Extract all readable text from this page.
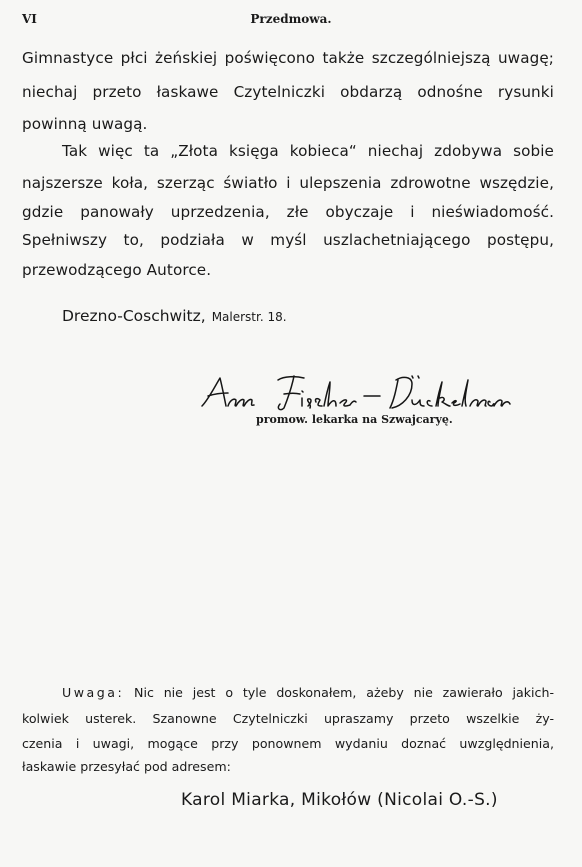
VI	Przedmowa.
Gimnastyce płci żeńskiej poświęcono także szczególniejszą uwagę;
niechaj przeto łaskawe Czytelniczki obdarzą odnośne rysunki
powinną uwagą.
Tak więc ta „Złota księga kobieca“ niechaj zdobywa sobie
najszersze koła, szerząc światło i ulepszenia zdrowotne wszędzie,
gdzie panowały uprzedzenia, złe obyczaje i nieświadomość.
Spełniwszy to, podziała w myśl uszlachetniającego postępu,
przewodzącego Autorce.
Drezno-Coschwitz, Malerstr. 18.
promow. lekarka na Szwajcaryę.
Uwaga: Nic nie jest o tyle doskonałem, ażeby nie zawierało jakich-
kolwiek usterek. Szanowne Czytelniczki upraszamy przeto wszelkie ży-
czenia i uwagi, mogące przy ponownem wydaniu doznać uwzględnienia,
łaskawie przesyłać pod adresem:
Karol Miarka, Mikołów (Nicolai O.-S.)
